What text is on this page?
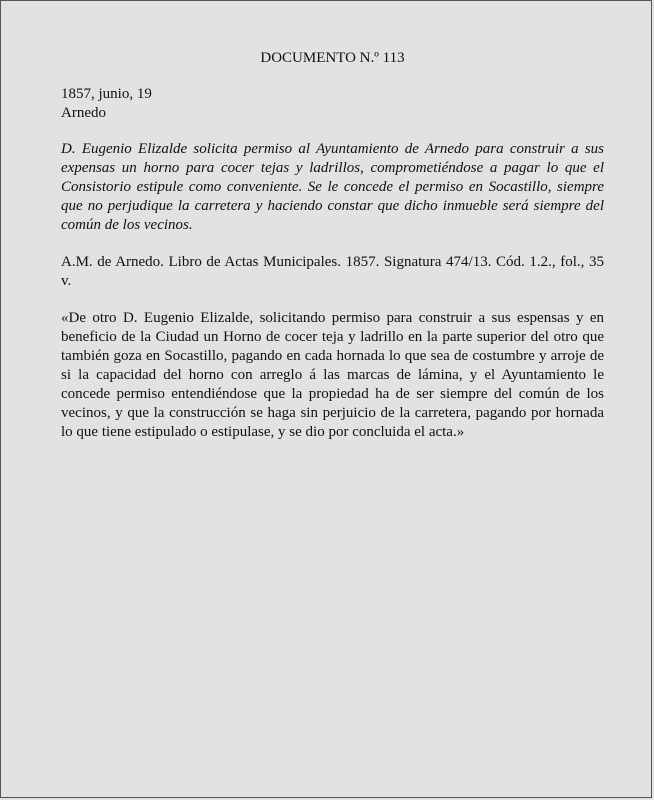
DOCUMENTO N.º 113

1857, junio, 19

Arnedo

D. Eugenio Elizalde solicita permiso al Ayuntamiento de Arnedo para construir a sus expensas un horno para cocer tejas y ladrillos, comprometiéndose a pagar lo que el Consistorio estipule como conveniente. Se le concede el permiso en Socastillo, siempre que no perjudique la carretera y haciendo constar que dicho inmueble será siempre del común de los vecinos.

A.M. de Arnedo. Libro de Actas Municipales. 1857. Signatura 474/13. Cód. 1.2., fol., 35 v.

«De otro D. Eugenio Elizalde, solicitando permiso para construir a sus espensas y en beneficio de la Ciudad un Horno de cocer teja y ladrillo en la parte superior del otro que también goza en Socastillo, pagando en cada hornada lo que sea de costumbre y arroje de si la capacidad del horno con arreglo á las marcas de lámina, y el Ayuntamiento le concede permiso entendiéndose que la propiedad ha de ser siempre del común de los vecinos, y que la construcción se haga sin perjuicio de la carretera, pagando por hornada lo que tiene estipulado o estipulase, y se dio por concluida el acta.»
